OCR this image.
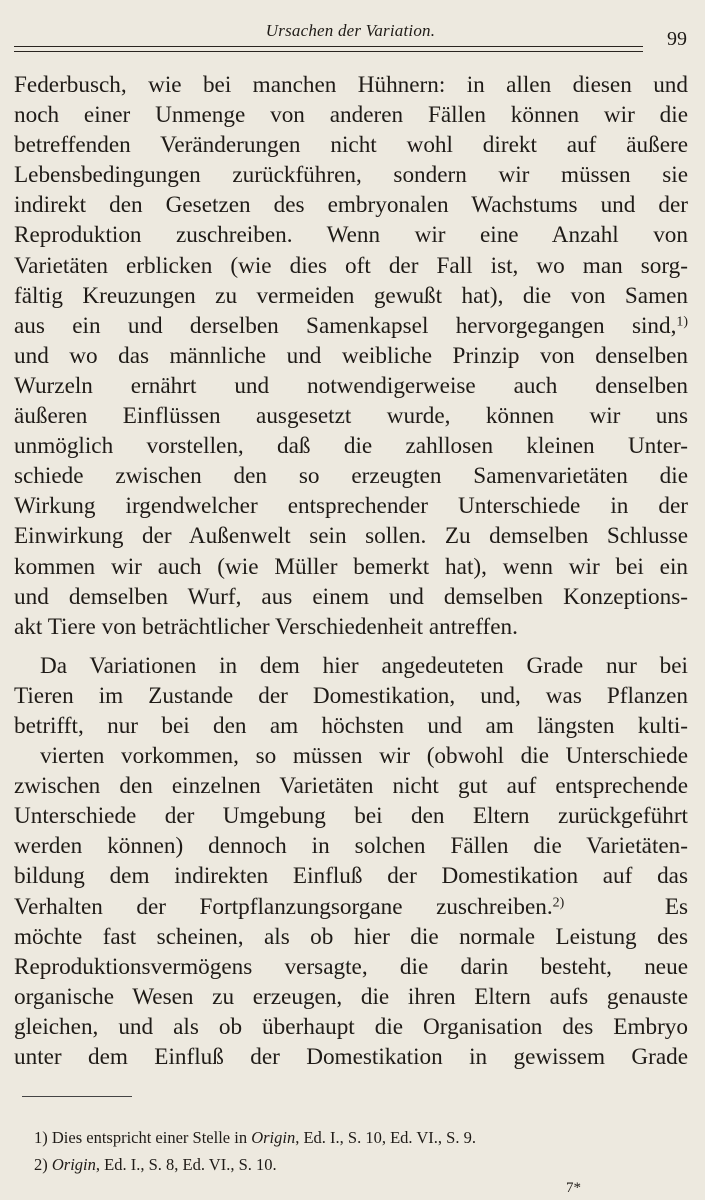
Ursachen der Variation.	99
Federbusch, wie bei manchen Hühnern: in allen diesen und
noch einer Unmenge von anderen Fällen können wir die
betreffenden Veränderungen nicht wohl direkt auf äußere
Lebensbedingungen zurückführen, sondern wir müssen sie
indirekt den Gesetzen des embryonalen Wachstums und der
Reproduktion zuschreiben. Wenn wir eine Anzahl von
Varietäten erblicken (wie dies oft der Fall ist, wo man sorg-
fältig Kreuzungen zu vermeiden gewußt hat), die von Samen
aus ein und derselben Samenkapsel hervorgegangen sind,$^{1)}$
und wo das männliche und weibliche Prinzip von denselben
Wurzeln ernährt und notwendigerweise auch denselben
äußeren Einflüssen ausgesetzt wurde, können wir uns
unmöglich vorstellen, daß die zahllosen kleinen Unter-
schiede zwischen den so erzeugten Samenvarietäten die
Wirkung irgendwelcher entsprechender Unterschiede in der
Einwirkung der Außenwelt sein sollen. Zu demselben Schlusse
kommen wir auch (wie Müller bemerkt hat), wenn wir bei ein
und demselben Wurf, aus einem und demselben Konzeptions-
akt Tiere von beträchtlicher Verschiedenheit antreffen.
Da Variationen in dem hier angedeuteten Grade nur bei
Tieren im Zustande der Domestikation, und, was Pflanzen
betrifft, nur bei den am höchsten und am längsten kulti-
vierten vorkommen, so müssen wir (obwohl die Unterschiede
zwischen den einzelnen Varietäten nicht gut auf entsprechende
Unterschiede der Umgebung bei den Eltern zurückgeführt
werden können) dennoch in solchen Fällen die Varietäten-
bildung dem indirekten Einfluß der Domestikation auf das
Verhalten der Fortpflanzungsorgane zuschreiben.$^{2)}$	Es
möchte fast scheinen, als ob hier die normale Leistung des
Reproduktionsvermögens versagte, die darin besteht, neue
organische Wesen zu erzeugen, die ihren Eltern aufs genauste
gleichen, und als ob überhaupt die Organisation des Embryo
unter dem Einfluß der Domestikation in gewissem Grade
1) Dies entspricht einer Stelle in Origin, Ed. I., S. 10, Ed. VI., S. 9.
2) Origin, Ed. I., S. 8, Ed. VI., S. 10.
7*
